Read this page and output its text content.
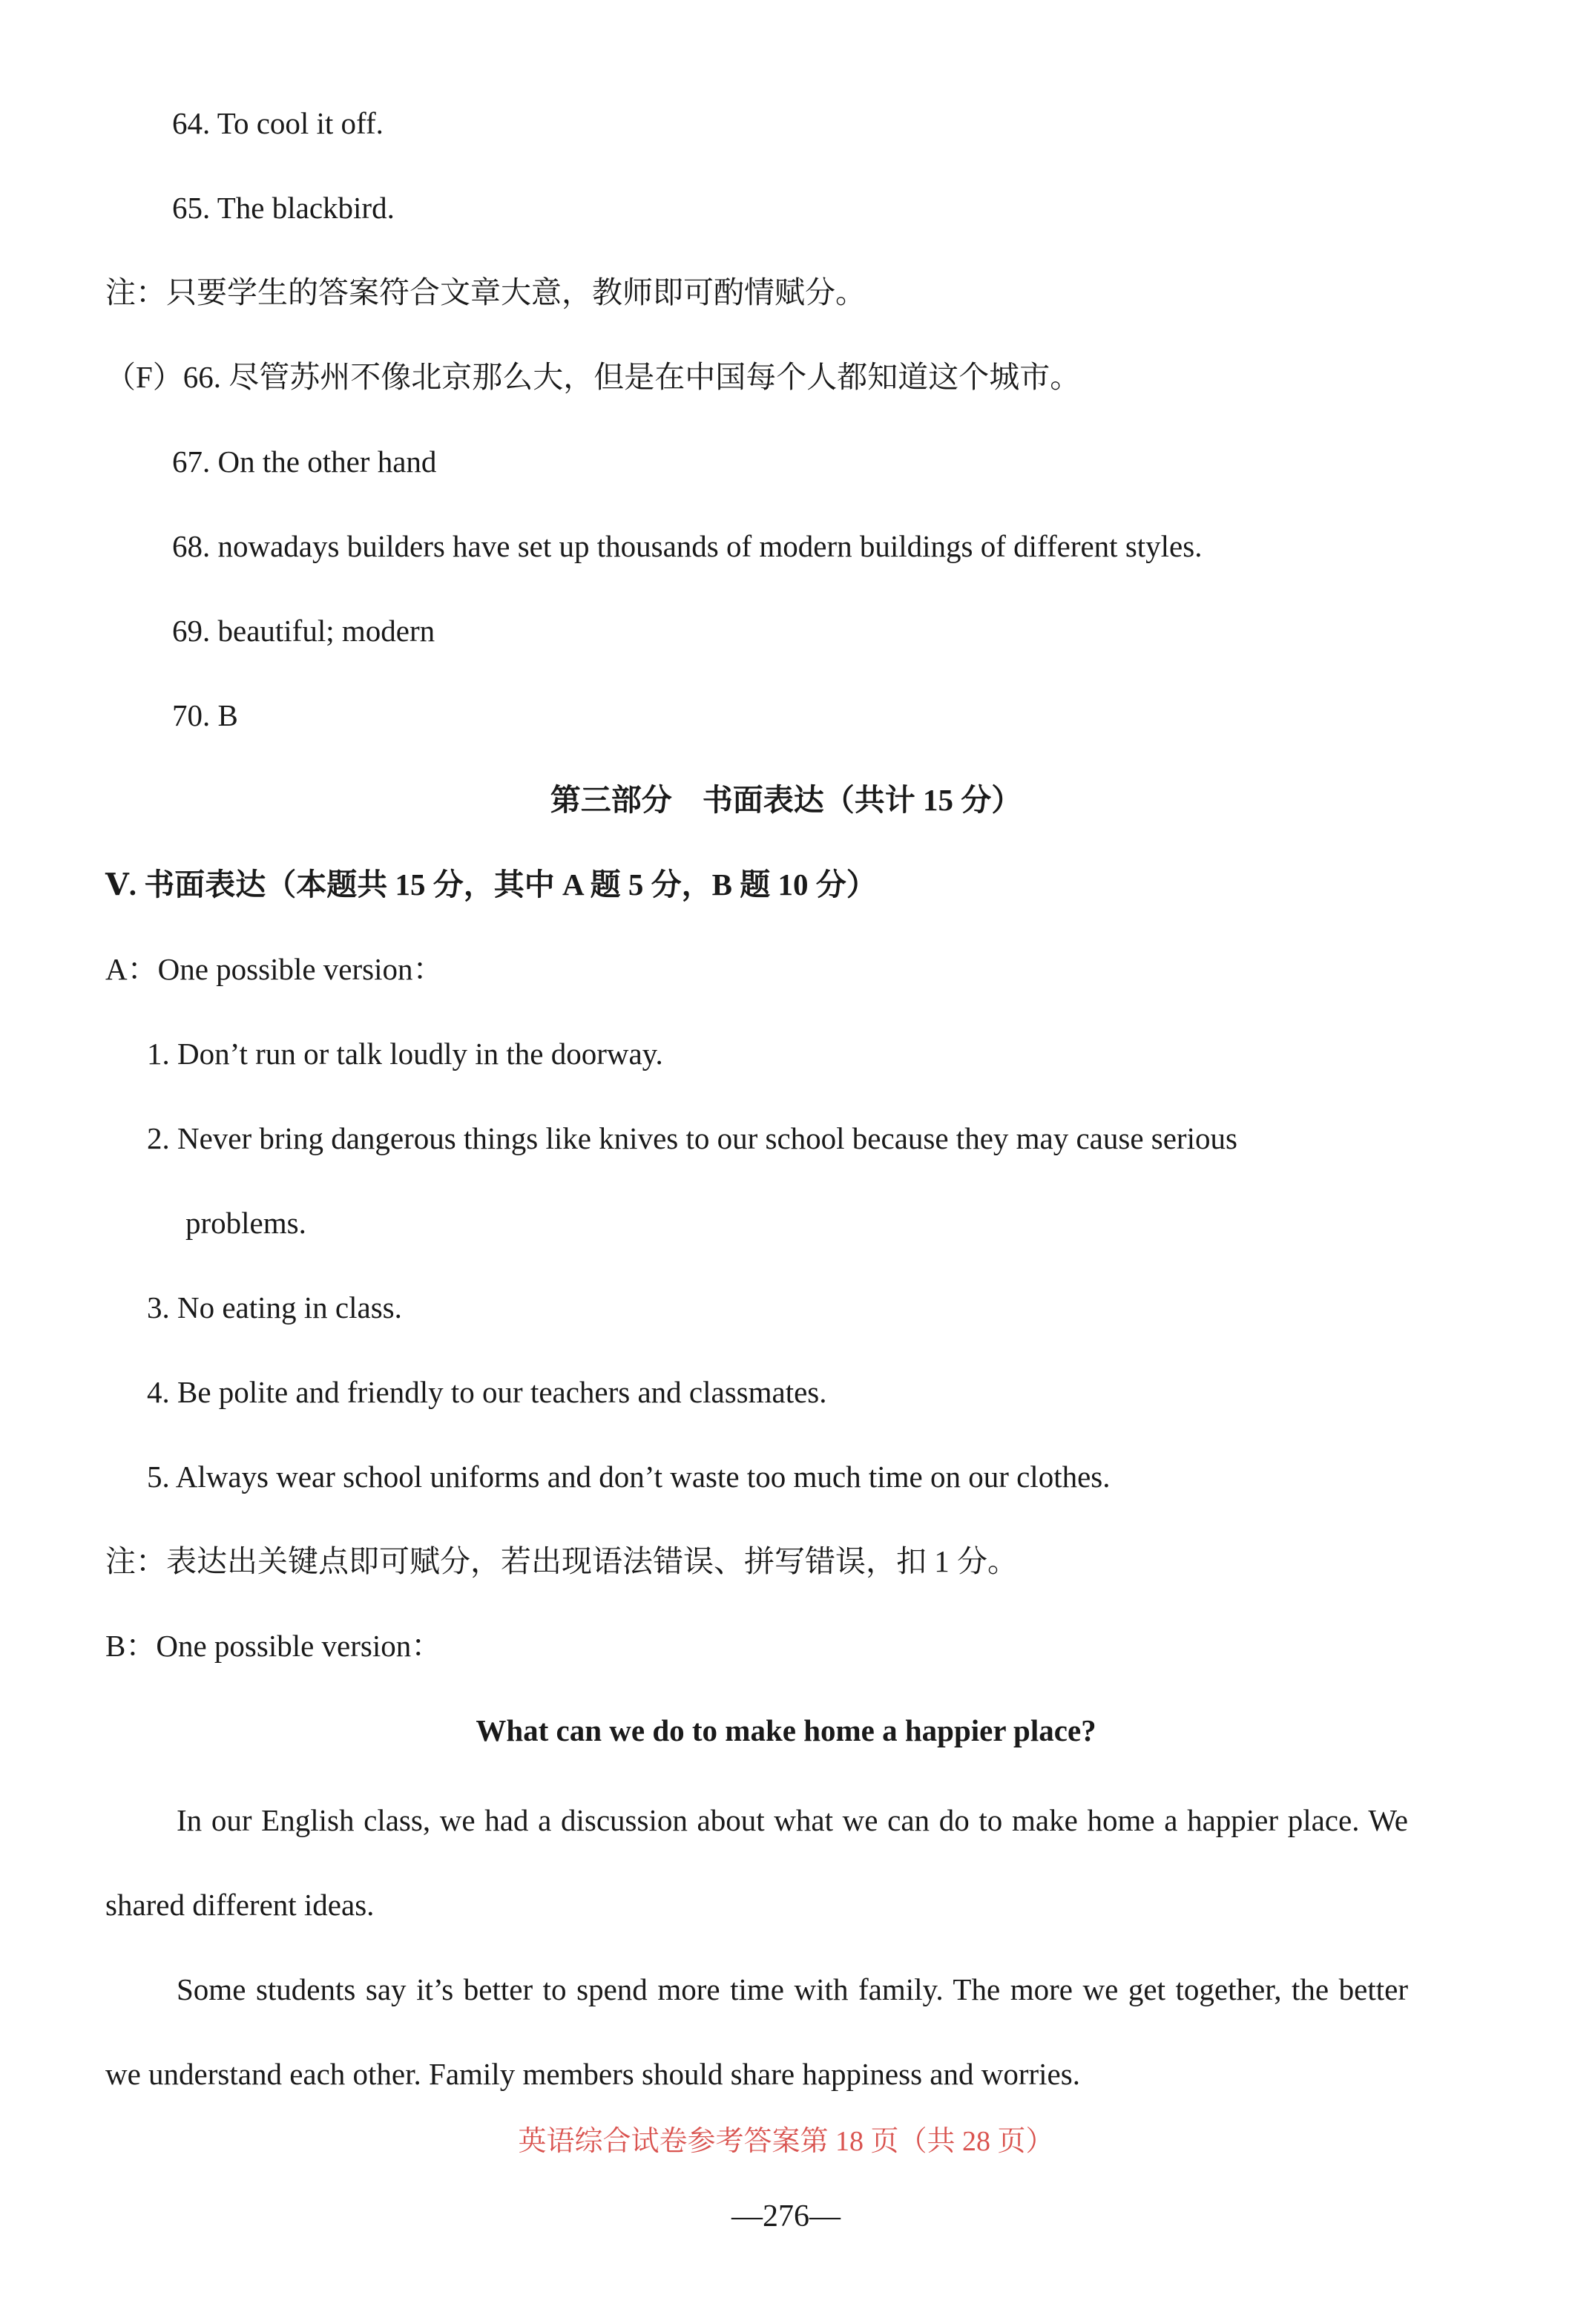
64. To cool it off.
65. The blackbird.
注：只要学生的答案符合文章大意，教师即可酌情赋分。
（F）66. 尽管苏州不像北京那么大，但是在中国每个人都知道这个城市。
67. On the other hand
68. nowadays builders have set up thousands of modern buildings of different styles.
69. beautiful; modern
70. B
第三部分　书面表达（共计 15 分）
Ⅴ. 书面表达（本题共 15 分，其中 A 题 5 分，B 题 10 分）
A：One possible version：
1. Don’t run or talk loudly in the doorway.
2. Never bring dangerous things like knives to our school because they may cause serious
problems.
3. No eating in class.
4. Be polite and friendly to our teachers and classmates.
5. Always wear school uniforms and don’t waste too much time on our clothes.
注：表达出关键点即可赋分，若出现语法错误、拼写错误，扣 1 分。
B：One possible version：
What can we do to make home a happier place?
In our English class, we had a discussion about what we can do to make home a happier place. We shared different ideas.
Some students say it’s better to spend more time with family. The more we get together, the better we understand each other. Family members should share happiness and worries.
英语综合试卷参考答案第 18 页（共 28 页）
—276—
